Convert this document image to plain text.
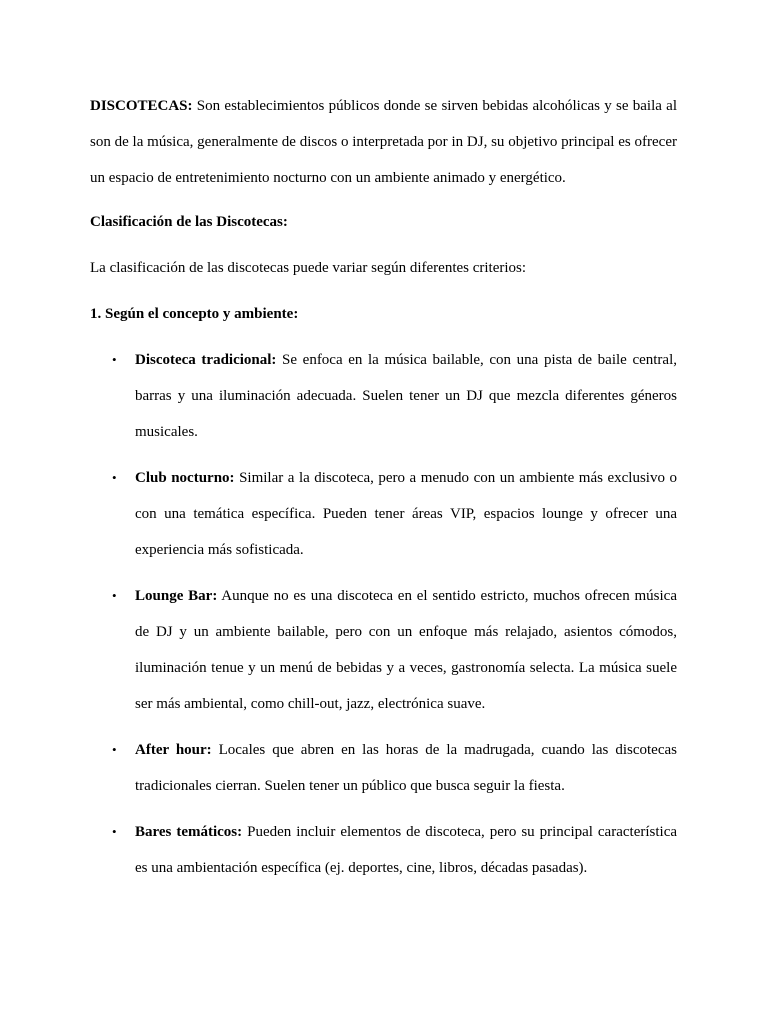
DISCOTECAS: Son establecimientos públicos donde se sirven bebidas alcohólicas y se baila al son de la música, generalmente de discos o interpretada por in DJ, su objetivo principal es ofrecer un espacio de entretenimiento nocturno con un ambiente animado y energético.

Clasificación de las Discotecas:

La clasificación de las discotecas puede variar según diferentes criterios:

1. Según el concepto y ambiente:

• Discoteca tradicional: Se enfoca en la música bailable, con una pista de baile central, barras y una iluminación adecuada. Suelen tener un DJ que mezcla diferentes géneros musicales.

• Club nocturno: Similar a la discoteca, pero a menudo con un ambiente más exclusivo o con una temática específica. Pueden tener áreas VIP, espacios lounge y ofrecer una experiencia más sofisticada.

• Lounge Bar: Aunque no es una discoteca en el sentido estricto, muchos ofrecen música de DJ y un ambiente bailable, pero con un enfoque más relajado, asientos cómodos, iluminación tenue y un menú de bebidas y a veces, gastronomía selecta. La música suele ser más ambiental, como chill-out, jazz, electrónica suave.

• After hour: Locales que abren en las horas de la madrugada, cuando las discotecas tradicionales cierran. Suelen tener un público que busca seguir la fiesta.

• Bares temáticos: Pueden incluir elementos de discoteca, pero su principal característica es una ambientación específica (ej. deportes, cine, libros, décadas pasadas).
